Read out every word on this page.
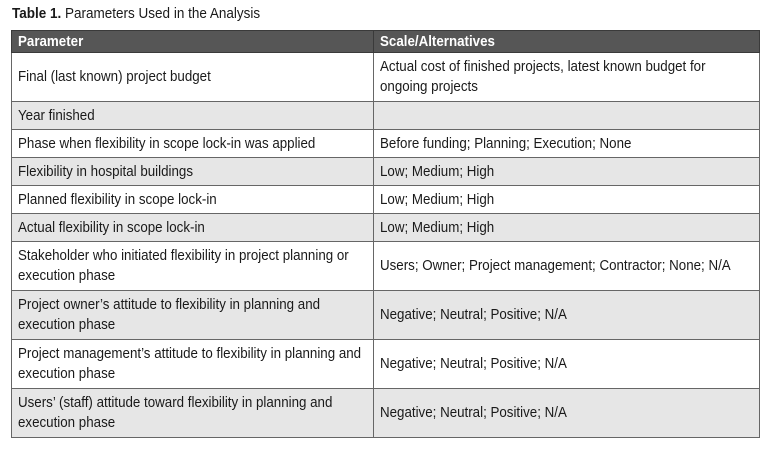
Table 1. Parameters Used in the Analysis
Parameter	Scale/Alternatives

Final (last known) project budget	Actual cost of finished projects, latest known budget for ongoing projects

Year finished	

Phase when flexibility in scope lock-in was applied	Before funding; Planning; Execution; None

Flexibility in hospital buildings	Low; Medium; High

Planned flexibility in scope lock-in	Low; Medium; High

Actual flexibility in scope lock-in	Low; Medium; High

Stakeholder who initiated flexibility in project planning or execution phase	Users; Owner; Project management; Contractor; None; N/A

Project owner’s attitude to flexibility in planning and execution phase	Negative; Neutral; Positive; N/A

Project management’s attitude to flexibility in planning and execution phase	Negative; Neutral; Positive; N/A

Users’ (staff) attitude toward flexibility in planning and execution phase	Negative; Neutral; Positive; N/A
